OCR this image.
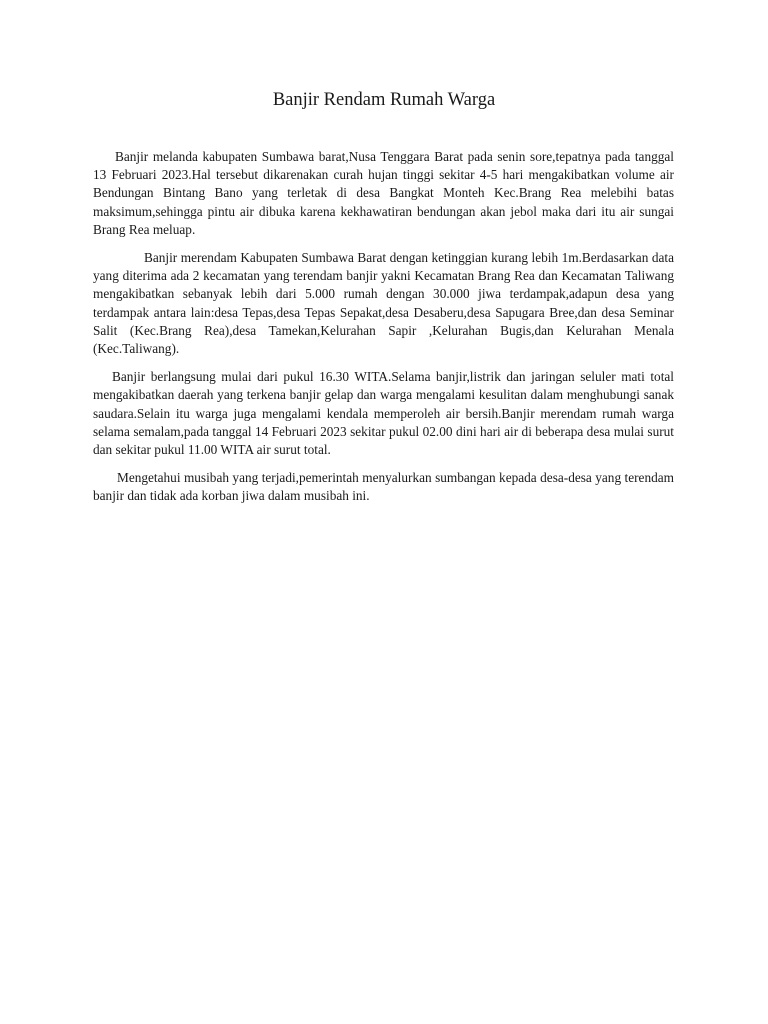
Banjir Rendam Rumah Warga

Banjir melanda kabupaten Sumbawa barat,Nusa Tenggara Barat pada senin sore,tepatnya pada tanggal 13 Februari 2023.Hal tersebut dikarenakan curah hujan tinggi sekitar 4-5 hari mengakibatkan volume air Bendungan Bintang Bano yang terletak di desa Bangkat Monteh Kec.Brang Rea melebihi batas maksimum,sehingga pintu air dibuka karena kekhawatiran bendungan akan jebol maka dari itu air sungai Brang Rea meluap.

Banjir merendam Kabupaten Sumbawa Barat dengan ketinggian kurang lebih 1m.Berdasarkan data yang diterima ada 2 kecamatan yang terendam banjir yakni Kecamatan Brang Rea dan Kecamatan Taliwang mengakibatkan sebanyak lebih dari 5.000 rumah dengan 30.000 jiwa terdampak,adapun desa yang terdampak antara lain:desa Tepas,desa Tepas Sepakat,desa Desaberu,desa Sapugara Bree,dan desa Seminar Salit (Kec.Brang Rea),desa Tamekan,Kelurahan Sapir ,Kelurahan Bugis,dan Kelurahan Menala (Kec.Taliwang).

Banjir berlangsung mulai dari pukul 16.30 WITA.Selama banjir,listrik dan jaringan seluler mati total mengakibatkan daerah yang terkena banjir gelap dan warga mengalami kesulitan dalam menghubungi sanak saudara.Selain itu warga juga mengalami kendala memperoleh air bersih.Banjir merendam rumah warga selama semalam,pada tanggal 14 Februari 2023 sekitar pukul 02.00 dini hari air di beberapa desa mulai surut dan sekitar pukul 11.00 WITA air surut total.

Mengetahui musibah yang terjadi,pemerintah menyalurkan sumbangan kepada desa-desa yang terendam banjir dan tidak ada korban jiwa dalam musibah ini.
